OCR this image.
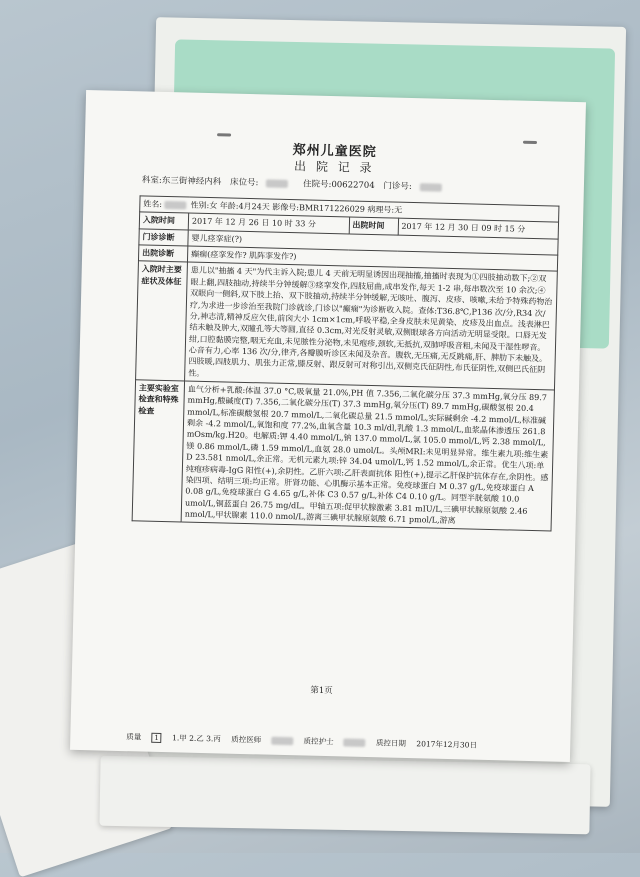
郑州儿童医院
出 院 记 录
科室:东三街神经内科 床位号:	住院号:00622704 门诊号:
姓名: 性别:女 年龄:4月24天 影像号:BMR171226029 病理号:无			
入院时间	2017 年 12 月 26 日 10 时 33 分	出院时间	2017 年 12 月 30 日 09 时 15 分
门诊诊断	婴儿痉挛症(?)		
出院诊断	癫痫(痉挛发作? 肌阵挛发作?)		
入院时主要症状及体征	患儿以"抽搐 4 天"为代主诉入院;患儿 4 天前无明显诱因出现抽搐,抽搐时表现为①四肢抽动数下;②双眼上翻,四肢抽动,持续半分钟缓解③痉挛发作,四肢屈曲,成串发作,每天 1-2 串,每串数次至 10 余次;④双眼向一侧斜,双下肢上抬、双下肢抽动,持续半分钟缓解,无咳吐、腹泻、皮疹、咳嗽,未给予特殊药物治疗,为求进一步诊治至我院门诊就诊,门诊以"癫痫"为诊断收入院。查体:T36.8℃,P136 次/分,R34 次/分,神志清,精神反应欠佳,前囟大小 1cm×1cm,呼吸平稳,全身皮肤未见黄染、皮疹及出血点。浅表淋巴结未触及肿大,双瞳孔等大等圆,直径 0.3cm,对光反射灵敏,双侧眼球各方向活动无明显受限。口唇无发绀,口腔黏膜完整,咽无充血,未见脓性分泌物,未见疱疹,颈软,无抵抗,双肺呼吸音粗,未闻及干湿性啰音。心音有力,心率 136 次/分,律齐,各瓣膜听诊区未闻及杂音。腹软,无压痛,无反跳痛,肝、脾肋下未触及。四肢暖,四肢肌力、肌张力正常,膝反射、跟反射可对称引出,双侧克氏征阴性,布氏征阴性,双侧巴氏征阴性。		
主要实验室检查和特殊检查	血气分析+乳酸:体温 37.0 °C,吸氧量 21.0%,PH 值 7.356,二氧化碳分压 37.3 mmHg,氧分压 89.7 mmHg,酸碱度(T) 7.356,二氧化碳分压(T) 37.3 mmHg,氧分压(T) 89.7 mmHg,碳酸氢根 20.4 mmol/L,标准碳酸氢根 20.7 mmol/L,二氧化碳总量 21.5 mmol/L,实际碱剩余 -4.2 mmol/L,标准碱剩余 -4.2 mmol/L,氧饱和度 77.2%,血氧含量 10.3 ml/dl,乳酸 1.3 mmol/L,血浆晶体渗透压 261.8 mOsm/kg.H20。电解质:钾 4.40 mmol/L,钠 137.0 mmol/L,氯 105.0 mmol/L,钙 2.38 mmol/L,镁 0.86 mmol/L,磷 1.59 mmol/L,血氨 28.0 umol/L。头颅MRI:未见明显异常。维生素九项:维生素 D 23.581 nmol/L,余正常。无机元素九项:锌 34.04 umol/L,钙 1.52 mmol/L,余正常。优生八项:单纯疱疹病毒-IgG 阳性(+),余阴性。乙肝六项:乙肝表面抗体 阳性(+),提示乙肝保护抗体存在,余阴性。感染四项、结明三项:均正常。肝肾功能、心肌酶示基本正常。免疫球蛋白 M 0.37 g/L,免疫球蛋白 A 0.08 g/L,免疫球蛋白 G 4.65 g/L,补体 C3 0.57 g/L,补体 C4 0.10 g/L。同型半胱氨酸 10.0 umol/L,铜蓝蛋白 26.75 mg/dL。甲轴五项:促甲状腺激素 3.81 mIU/L,三碘甲状腺原氨酸 2.46 nmol/L,甲状腺素 110.0 nmol/L,游离三碘甲状腺原氨酸 6.71 pmol/L,游离		
第1页
质量 1 1.甲 2.乙 3.丙 质控医师	质控护士	质控日期 2017年12月30日
